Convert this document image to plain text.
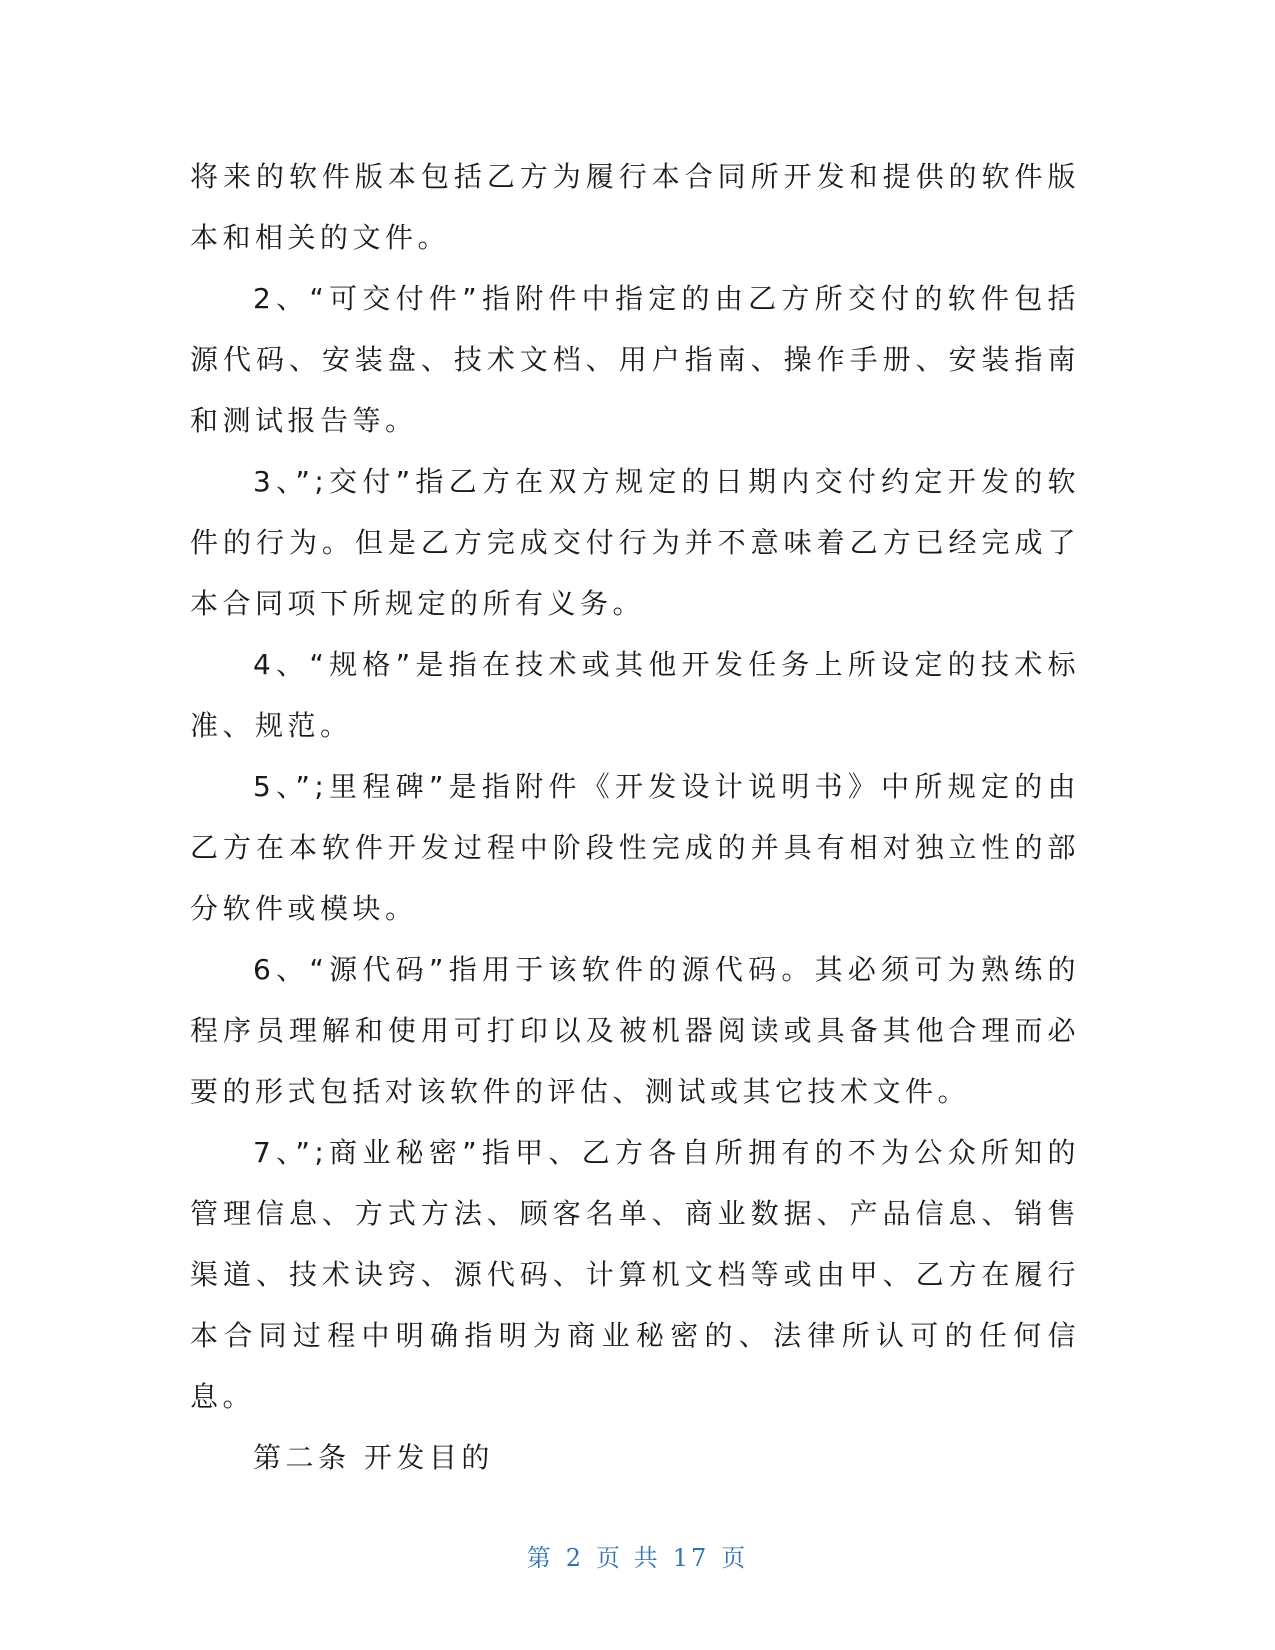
将来的软件版本包括乙方为履行本合同所开发和提供的软件版本和相关的文件。

2、“可交付件”指附件中指定的由乙方所交付的软件包括源代码、安装盘、技术文档、用户指南、操作手册、安装指南和测试报告等。

3、”;交付”指乙方在双方规定的日期内交付约定开发的软件的行为。但是乙方完成交付行为并不意味着乙方已经完成了本合同项下所规定的所有义务。

4、“规格”是指在技术或其他开发任务上所设定的技术标准、规范。

5、”;里程碑”是指附件《开发设计说明书》中所规定的由乙方在本软件开发过程中阶段性完成的并具有相对独立性的部分软件或模块。

6、“源代码”指用于该软件的源代码。其必须可为熟练的程序员理解和使用可打印以及被机器阅读或具备其他合理而必要的形式包括对该软件的评估、测试或其它技术文件。

7、”;商业秘密”指甲、乙方各自所拥有的不为公众所知的管理信息、方式方法、顾客名单、商业数据、产品信息、销售渠道、技术诀窍、源代码、计算机文档等或由甲、乙方在履行本合同过程中明确指明为商业秘密的、法律所认可的任何信息。

第二条 开发目的

第 2 页 共 17 页
